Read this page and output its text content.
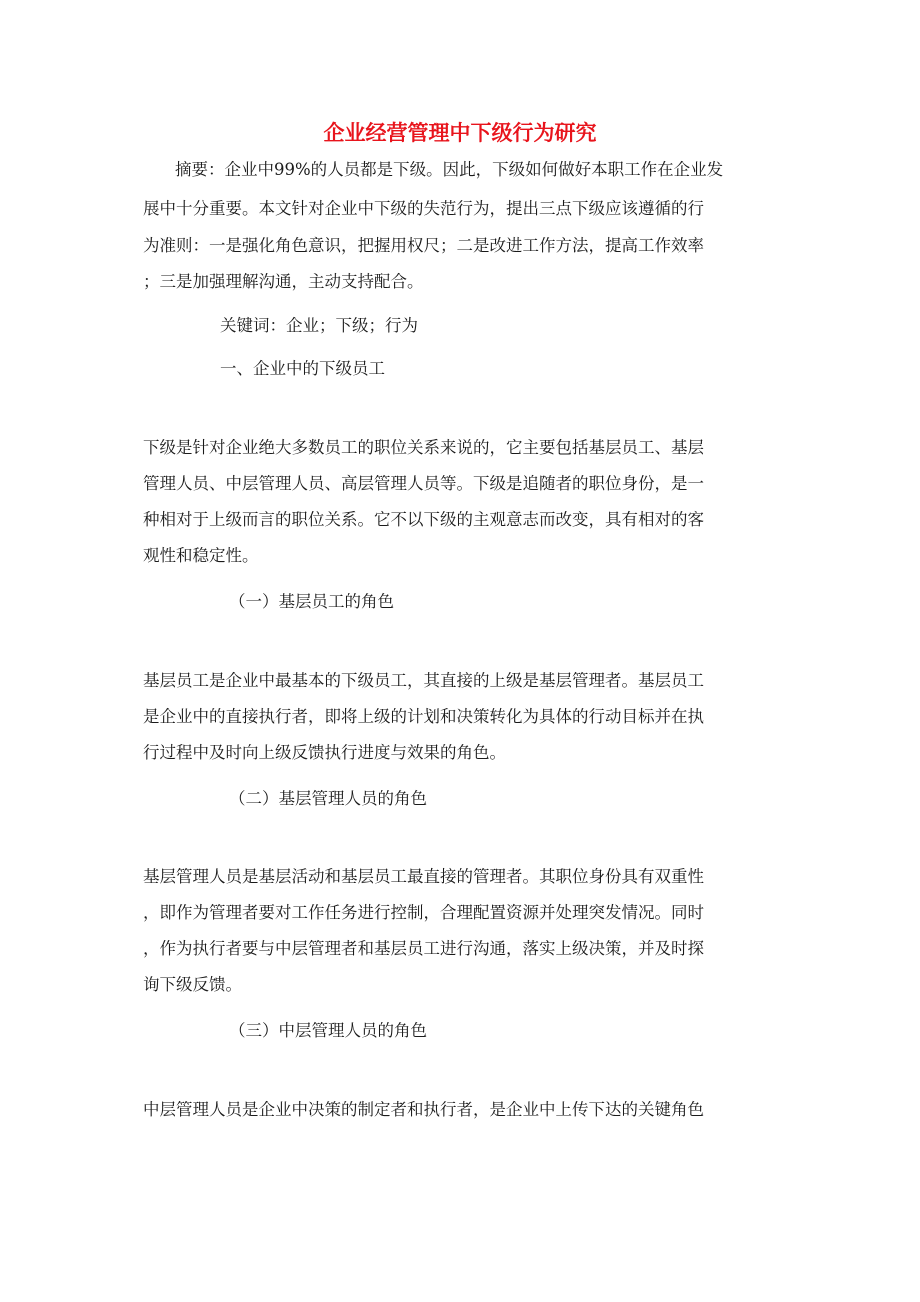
企业经营管理中下级行为研究
摘要：企业中99%的人员都是下级。因此，下级如何做好本职工作在企业发
展中十分重要。本文针对企业中下级的失范行为，提出三点下级应该遵循的行
为准则：一是强化角色意识，把握用权尺；二是改进工作方法，提高工作效率
；三是加强理解沟通，主动支持配合。
关键词：企业；下级；行为
一、企业中的下级员工
下级是针对企业绝大多数员工的职位关系来说的，它主要包括基层员工、基层
管理人员、中层管理人员、高层管理人员等。下级是追随者的职位身份，是一
种相对于上级而言的职位关系。它不以下级的主观意志而改变，具有相对的客
观性和稳定性。
（一）基层员工的角色
基层员工是企业中最基本的下级员工，其直接的上级是基层管理者。基层员工
是企业中的直接执行者，即将上级的计划和决策转化为具体的行动目标并在执
行过程中及时向上级反馈执行进度与效果的角色。
（二）基层管理人员的角色
基层管理人员是基层活动和基层员工最直接的管理者。其职位身份具有双重性
，即作为管理者要对工作任务进行控制，合理配置资源并处理突发情况。同时
，作为执行者要与中层管理者和基层员工进行沟通，落实上级决策，并及时探
询下级反馈。
（三）中层管理人员的角色
中层管理人员是企业中决策的制定者和执行者，是企业中上传下达的关键角色
